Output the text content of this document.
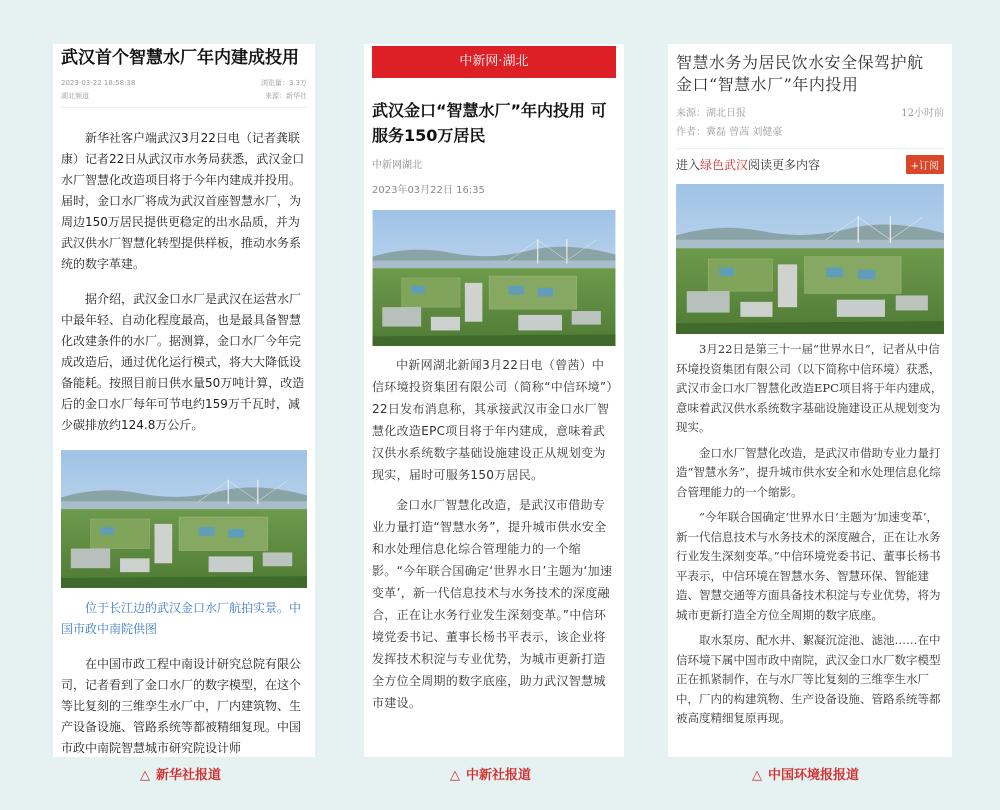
武汉首个智慧水厂年内建成投用
2023-03-22 18:58:38	浏览量：3.3万
湖北频道	来源：新华社

新华社客户端武汉3月22日电（记者龚联康）记者22日从武汉市水务局获悉，武汉金口水厂智慧化改造项目将于今年内建成并投用。届时，金口水厂将成为武汉首座智慧水厂，为周边150万居民提供更稳定的出水品质，并为武汉供水厂智慧化转型提供样板，推动水务系统的数字革建。

据介绍，武汉金口水厂是武汉在运营水厂中最年轻、自动化程度最高，也是最具备智慧化改建条件的水厂。据测算，金口水厂今年完成改造后，通过优化运行模式，将大大降低设备能耗。按照目前日供水量50万吨计算，改造后的金口水厂每年可节电约159万千瓦时，减少碳排放约124.8万公斤。

位于长江边的武汉金口水厂航拍实景。中国市政中南院供图

在中国市政工程中南设计研究总院有限公司，记者看到了金口水厂的数字模型，在这个等比复刻的三维孪生水厂中，厂内建筑物、生产设备设施、管路系统等都被精细复现。中国市政中南院智慧城市研究院设计师

中新网·湖北
武汉金口“智慧水厂”年内投用 可服务150万居民
中新网湖北
2023年03月22日 16:35

中新网湖北新闻3月22日电（曾茜）中信环境投资集团有限公司（简称“中信环境”）22日发布消息称，其承接武汉市金口水厂智慧化改造EPC项目将于年内建成，意味着武汉供水系统数字基础设施建设正从规划变为现实，届时可服务150万居民。

金口水厂智慧化改造，是武汉市借助专业力量打造“智慧水务”，提升城市供水安全和水处理信息化综合管理能力的一个缩影。“今年联合国确定‘世界水日’主题为‘加速变革’，新一代信息技术与水务技术的深度融合，正在让水务行业发生深刻变革。”中信环境党委书记、董事长杨书平表示，该企业将发挥技术积淀与专业优势，为城市更新打造全方位全周期的数字底座，助力武汉智慧城市建设。

智慧水务为居民饮水安全保驾护航 金口“智慧水厂”年内投用
来源：湖北日报	12小时前
作者：冀磊 曾茜 刘健豪
进入绿色武汉阅读更多内容	+订阅

3月22日是第三十一届“世界水日”，记者从中信环境投资集团有限公司（以下简称中信环境）获悉，武汉市金口水厂智慧化改造EPC项目将于年内建成，意味着武汉供水系统数字基础设施建设正从规划变为现实。

金口水厂智慧化改造，是武汉市借助专业力量打造“智慧水务”，提升城市供水安全和水处理信息化综合管理能力的一个缩影。

“今年联合国确定‘世界水日’主题为‘加速变革’，新一代信息技术与水务技术的深度融合，正在让水务行业发生深刻变革。”中信环境党委书记、董事长杨书平表示，中信环境在智慧水务、智慧环保、智能建造、智慧交通等方面具备技术积淀与专业优势，将为城市更新打造全方位全周期的数字底座。

取水泵房、配水井、絮凝沉淀池、滤池……在中信环境下属中国市政中南院，武汉金口水厂数字模型正在抓紧制作，在与水厂等比复刻的三维孪生水厂中，厂内的构建筑物、生产设备设施、管路系统等都被高度精细复原再现。

△ 新华社报道	△ 中新社报道	△ 中国环境报报道
